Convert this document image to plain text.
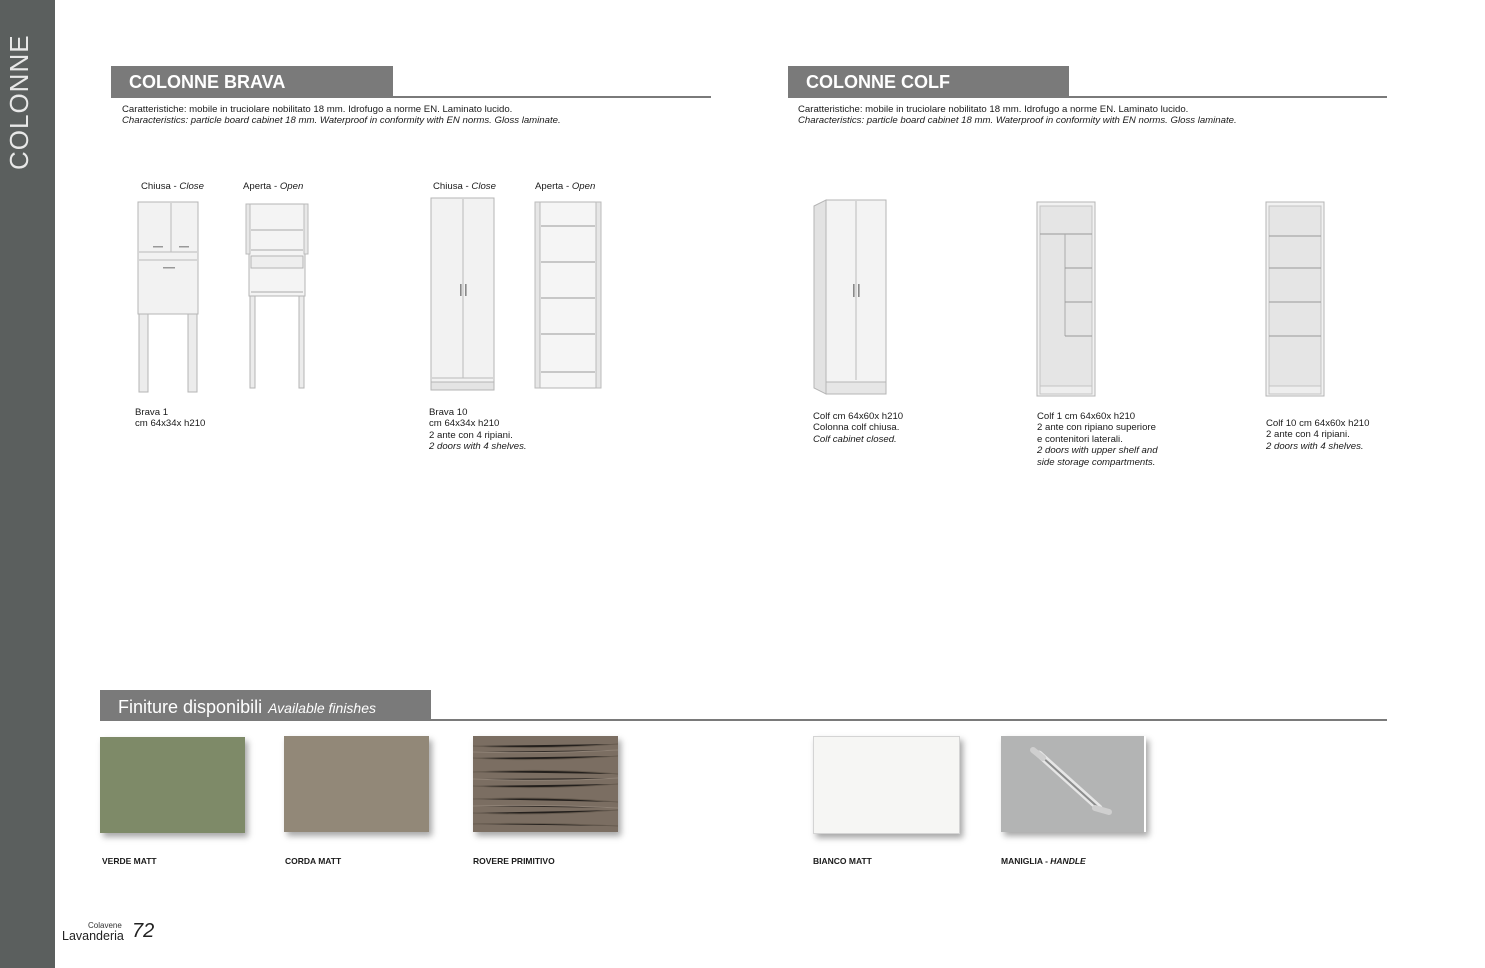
COLONNE	COLONNE BRAVA
Caratteristiche: mobile in truciolare nobilitato 18 mm. Idrofugo a norme EN. Laminato lucido.
Characteristics: particle board cabinet 18 mm. Waterproof in conformity with EN norms. Gloss laminate.
Chiusa - Close	Aperta - Open	Chiusa - Close	Aperta - Open
Brava 1
cm 64x34x h210
Brava 10
cm 64x34x h210
2 ante con 4 ripiani.
2 doors with 4 shelves.
COLONNE COLF
Caratteristiche: mobile in truciolare nobilitato 18 mm. Idrofugo a norme EN. Laminato lucido.
Characteristics: particle board cabinet 18 mm. Waterproof in conformity with EN norms. Gloss laminate.
Colf cm 64x60x h210
Colonna colf chiusa.
Colf cabinet closed.
Colf 1 cm 64x60x h210
2 ante con ripiano superiore
e contenitori laterali.
2 doors with upper shelf and
side storage compartments.
Colf 10 cm 64x60x h210
2 ante con 4 ripiani.
2 doors with 4 shelves.
Finiture disponibili Available finishes
VERDE MATT	CORDA MATT	ROVERE PRIMITIVO	BIANCO MATT	MANIGLIA - HANDLE
Colavene
Lavanderia 72
